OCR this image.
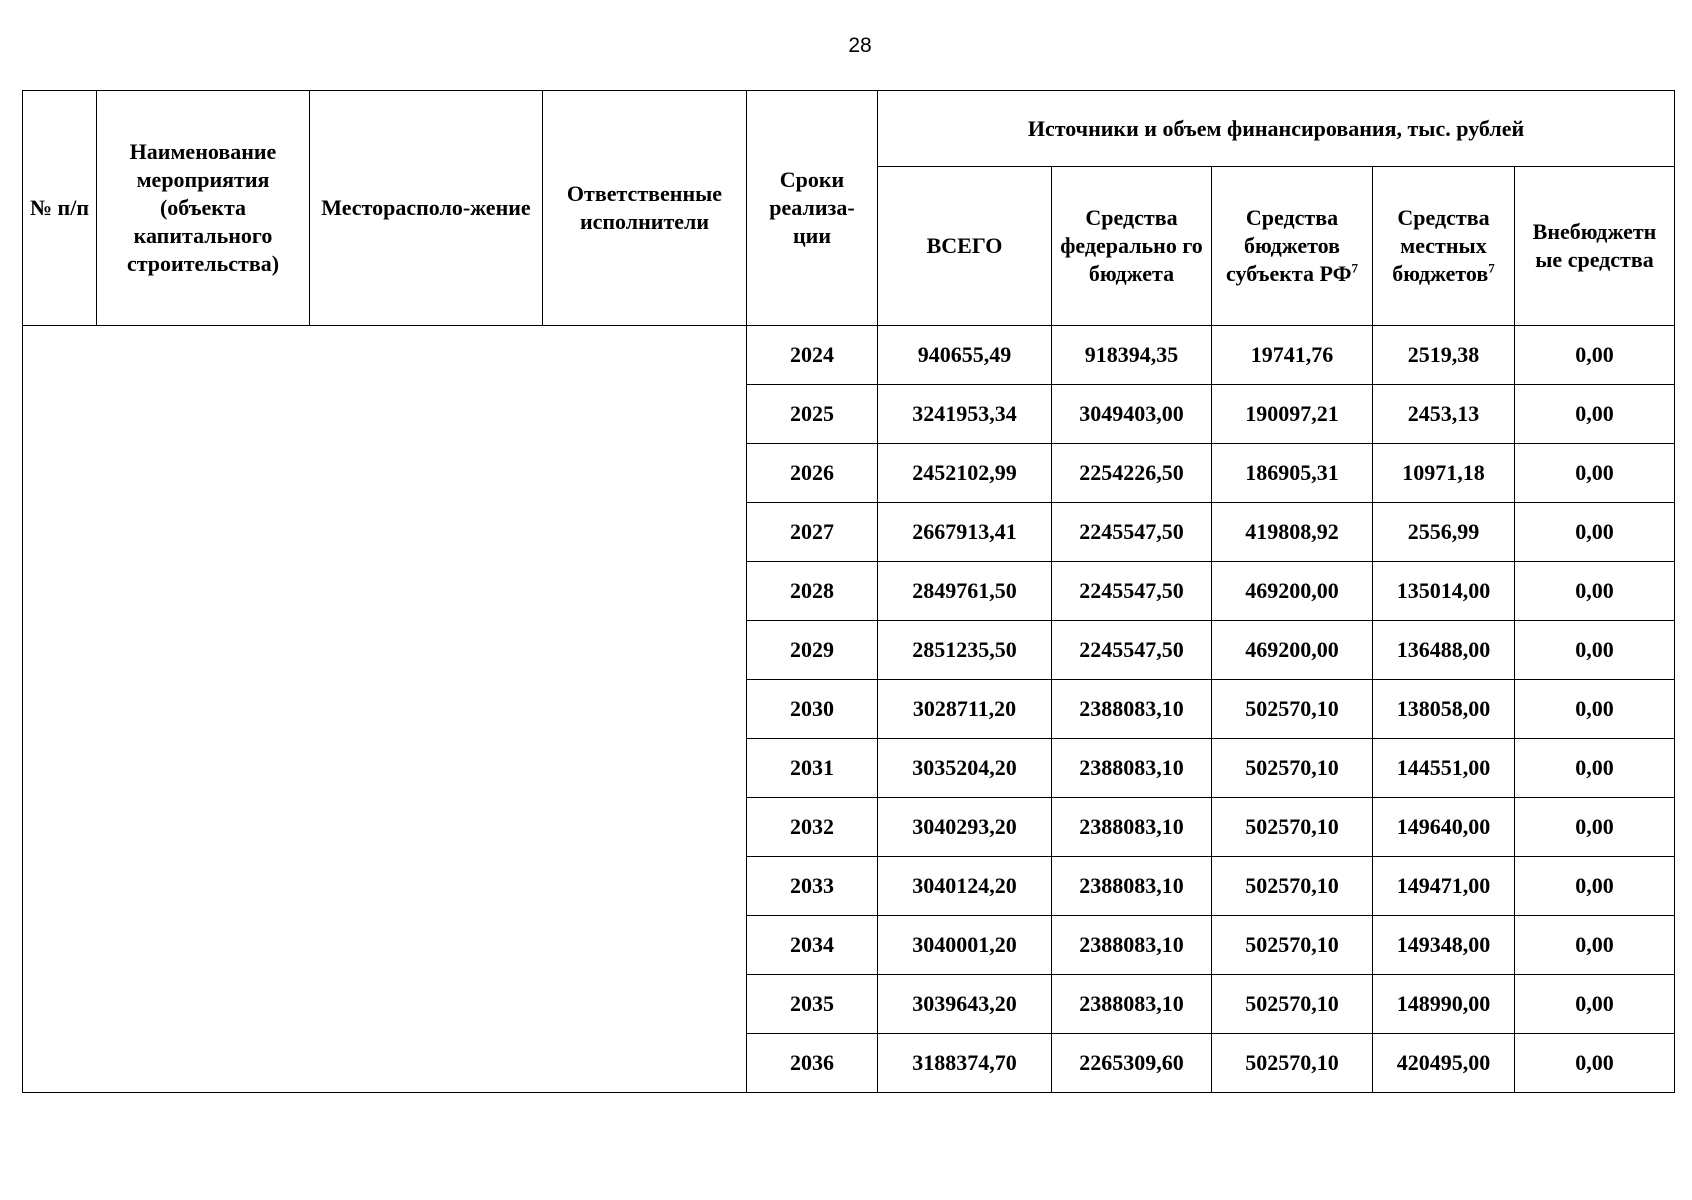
28
№ п/п	Наименование мероприятия (объекта капитального строительства)	Месторасполо-жение	Ответственные исполнители	Сроки реализа-ции	Источники и объем финансирования, тыс. рублей				
					ВСЕГО	Средства федерально го бюджета	Средства бюджетов субъекта $РФ^7$	Средства местных бюджетов$^7$	Внебюджетн ые средства
				2024	940655,49	918394,35	19741,76	2519,38	0,00
				2025	3241953,34	3049403,00	190097,21	2453,13	0,00
				2026	2452102,99	2254226,50	186905,31	10971,18	0,00
				2027	2667913,41	2245547,50	419808,92	2556,99	0,00
				2028	2849761,50	2245547,50	469200,00	135014,00	0,00
				2029	2851235,50	2245547,50	469200,00	136488,00	0,00
				2030	3028711,20	2388083,10	502570,10	138058,00	0,00
				2031	3035204,20	2388083,10	502570,10	144551,00	0,00
				2032	3040293,20	2388083,10	502570,10	149640,00	0,00
				2033	3040124,20	2388083,10	502570,10	149471,00	0,00
				2034	3040001,20	2388083,10	502570,10	149348,00	0,00
				2035	3039643,20	2388083,10	502570,10	148990,00	0,00
				2036	3188374,70	2265309,60	502570,10	420495,00	0,00
